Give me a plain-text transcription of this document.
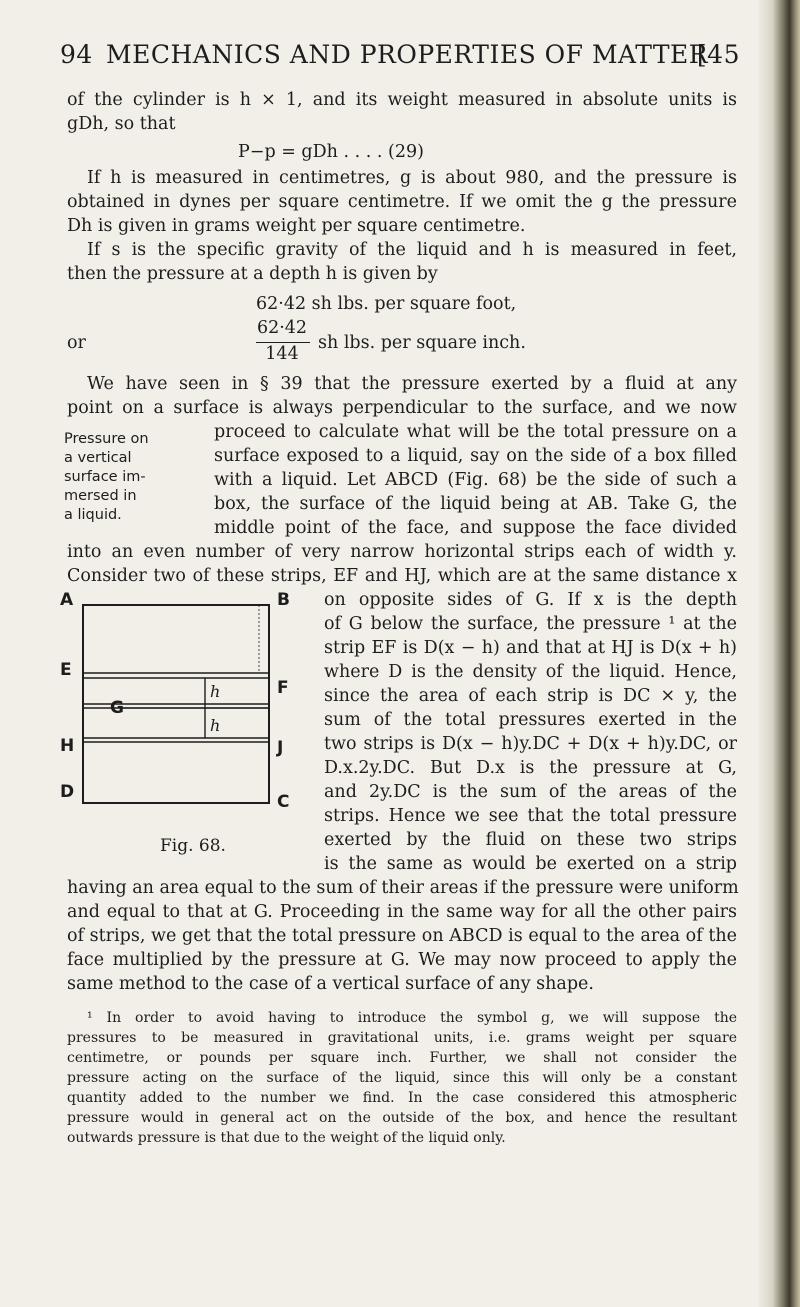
94 MECHANICS AND PROPERTIES OF MATTER
[45
of the cylinder is h × 1, and its weight measured in absolute units is
gDh, so that
P−p = gDh . . . . (29)
If h is measured in centimetres, g is about 980, and the pressure is
obtained in dynes per square centimetre. If we omit the g the pressure
Dh is given in grams weight per square centimetre.
If s is the specific gravity of the liquid and h is measured in feet,
then the pressure at a depth h is given by
62·42 sh lbs. per square foot,
or
62·42
144
sh lbs. per square inch.
We have seen in § 39 that the pressure exerted by a fluid at any
point on a surface is always perpendicular to the surface, and we now
proceed to calculate what will be the total pressure on a
surface exposed to a liquid, say on the side of a box filled
with a liquid. Let ABCD (Fig. 68) be the side of such a
box, the surface of the liquid being at AB. Take G, the
middle point of the face, and suppose the face divided
into an even number of very narrow horizontal strips each of width y.
Consider two of these strips, EF and HJ, which are at the same distance x
Pressure on
a vertical
surface im-
mersed in
a liquid.
A	B
E
F
G
H	J
D	C
h
h
Fig. 68.
on opposite sides of G. If x is the depth
of G below the surface, the pressure ¹ at the
strip EF is D(x − h) and that at HJ is D(x + h)
where D is the density of the liquid. Hence,
since the area of each strip is DC × y, the
sum of the total pressures exerted in the
two strips is D(x − h)y.DC + D(x + h)y.DC, or
D.x.2y.DC. But D.x is the pressure at G,
and 2y.DC is the sum of the areas of the
strips. Hence we see that the total pressure
exerted by the fluid on these two strips
is the same as would be exerted on a strip
having an area equal to the sum of their areas if the pressure were uniform
and equal to that at G. Proceeding in the same way for all the other pairs
of strips, we get that the total pressure on ABCD is equal to the area of the
face multiplied by the pressure at G. We may now proceed to apply the
same method to the case of a vertical surface of any shape.
¹ In order to avoid having to introduce the symbol g, we will suppose the
pressures to be measured in gravitational units, i.e. grams weight per square
centimetre, or pounds per square inch. Further, we shall not consider the
pressure acting on the surface of the liquid, since this will only be a constant
quantity added to the number we find. In the case considered this atmospheric
pressure would in general act on the outside of the box, and hence the resultant
outwards pressure is that due to the weight of the liquid only.
